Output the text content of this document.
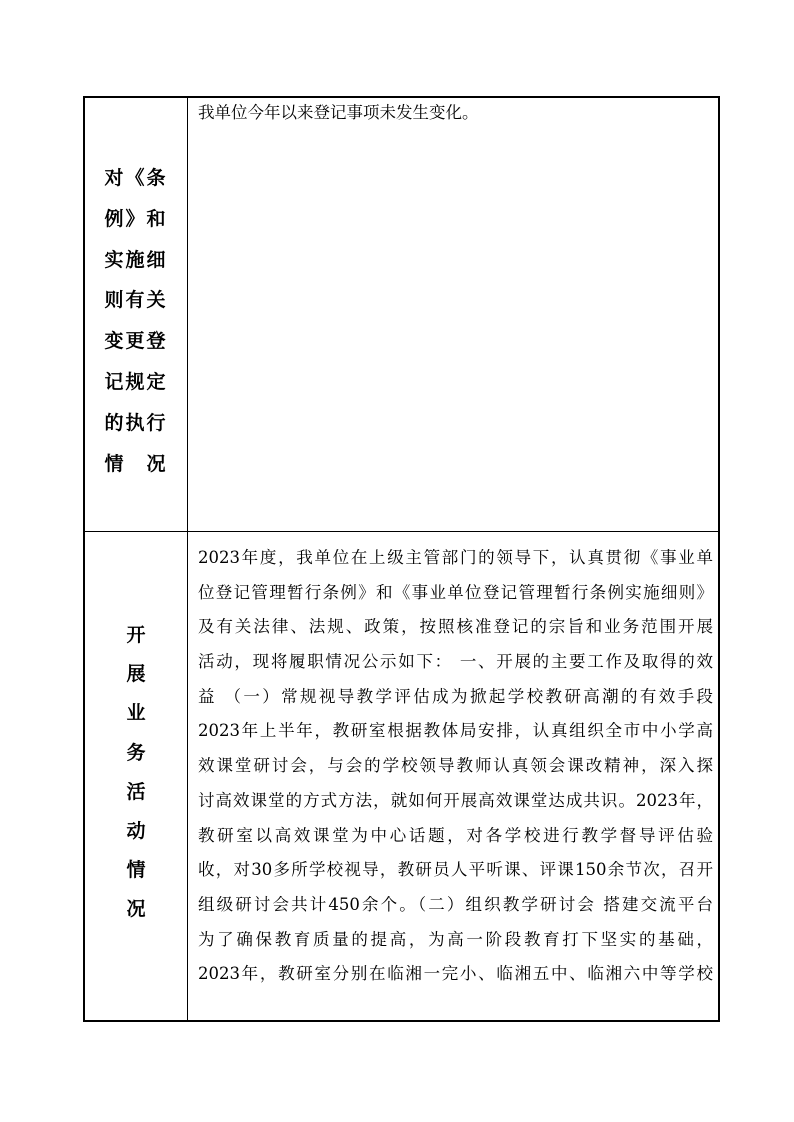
对《条
例》和
实施细
则有关
变更登
记规定
的执行
情　况
我单位今年以来登记事项未发生变化。
开
展
业
务
活
动
情
况
2023年度，我单位在上级主管部门的领导下，认真贯彻《事业单
位登记管理暂行条例》和《事业单位登记管理暂行条例实施细则》
及有关法律、法规、政策，按照核准登记的宗旨和业务范围开展
活动，现将履职情况公示如下： 一、开展的主要工作及取得的效
益 （一）常规视导教学评估成为掀起学校教研高潮的有效手段
2023年上半年，教研室根据教体局安排，认真组织全市中小学高
效课堂研讨会，与会的学校领导教师认真领会课改精神，深入探
讨高效课堂的方式方法，就如何开展高效课堂达成共识。2023年，
教研室以高效课堂为中心话题，对各学校进行教学督导评估验
收，对30多所学校视导，教研员人平听课、评课150余节次，召开
组级研讨会共计450余个。（二）组织教学研讨会 搭建交流平台
为了确保教育质量的提高，为高一阶段教育打下坚实的基础，
2023年，教研室分别在临湘一完小、临湘五中、临湘六中等学校
